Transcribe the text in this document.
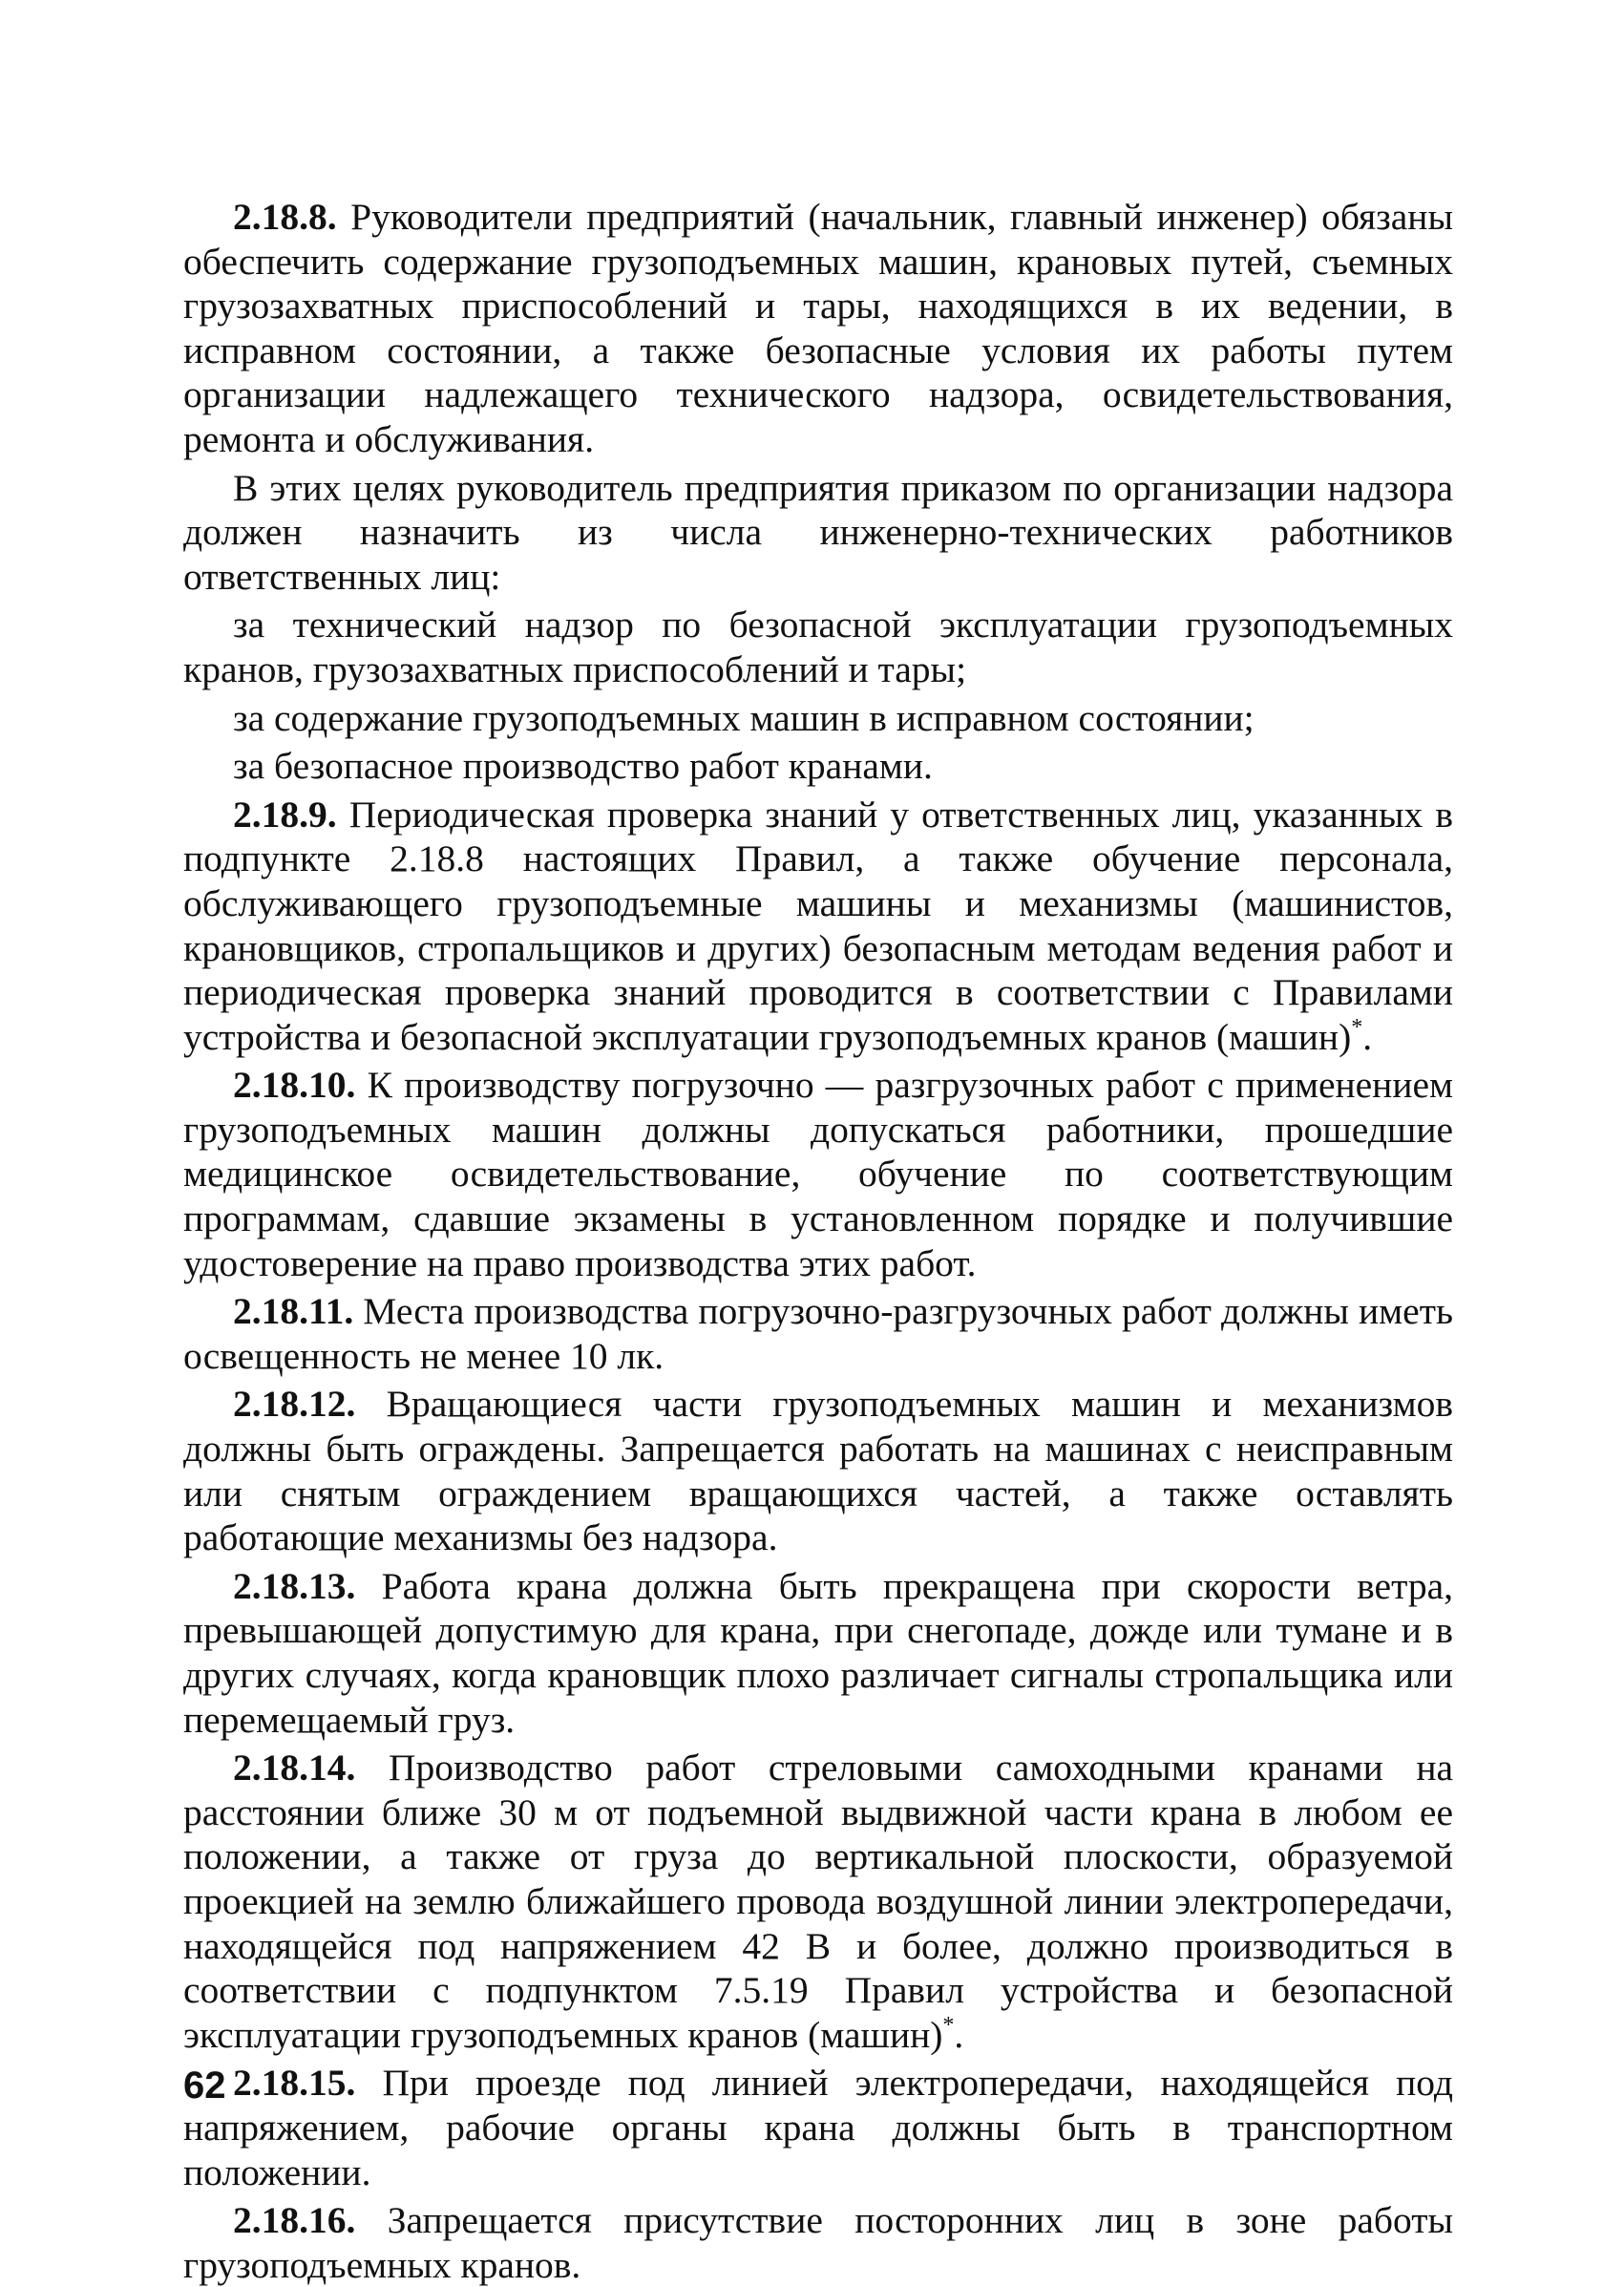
2.18.8. Руководители предприятий (начальник, главный инженер) обязаны обеспечить содержание грузоподъемных машин, крановых путей, съемных грузозахватных приспособлений и тары, находящихся в их ведении, в исправном состоянии, а также безопасные условия их работы путем организации надлежащего технического надзора, освидетельствования, ремонта и обслуживания.

В этих целях руководитель предприятия приказом по организации надзора должен назначить из числа инженерно-технических работников ответственных лиц:

за технический надзор по безопасной эксплуатации грузоподъемных кранов, грузозахватных приспособлений и тары;

за содержание грузоподъемных машин в исправном состоянии;

за безопасное производство работ кранами.

2.18.9. Периодическая проверка знаний у ответственных лиц, указанных в подпункте 2.18.8 настоящих Правил, а также обучение персонала, обслуживающего грузоподъемные машины и механизмы (машинистов, крановщиков, стропальщиков и других) безопасным методам ведения работ и периодическая проверка знаний проводится в соответствии с Правилами устройства и безопасной эксплуатации грузоподъемных кранов (машин)*.

2.18.10. К производству погрузочно — разгрузочных работ с применением грузоподъемных машин должны допускаться работники, прошедшие медицинское освидетельствование, обучение по соответствующим программам, сдавшие экзамены в установленном порядке и получившие удостоверение на право производства этих работ.

2.18.11. Места производства погрузочно-разгрузочных работ должны иметь освещенность не менее 10 лк.

2.18.12. Вращающиеся части грузоподъемных машин и механизмов должны быть ограждены. Запрещается работать на машинах с неисправным или снятым ограждением вращающихся частей, а также оставлять работающие механизмы без надзора.

2.18.13. Работа крана должна быть прекращена при скорости ветра, превышающей допустимую для крана, при снегопаде, дожде или тумане и в других случаях, когда крановщик плохо различает сигналы стропальщика или перемещаемый груз.

2.18.14. Производство работ стреловыми самоходными кранами на расстоянии ближе 30 м от подъемной выдвижной части крана в любом ее положении, а также от груза до вертикальной плоскости, образуемой проекцией на землю ближайшего провода воздушной линии электропередачи, находящейся под напряжением 42 В и более, должно производиться в соответствии с подпунктом 7.5.19 Правил устройства и безопасной эксплуатации грузоподъемных кранов (машин)*.

2.18.15. При проезде под линией электропередачи, находящейся под напряжением, рабочие органы крана должны быть в транспортном положении.

2.18.16. Запрещается присутствие посторонних лиц в зоне работы грузоподъемных кранов.

62
